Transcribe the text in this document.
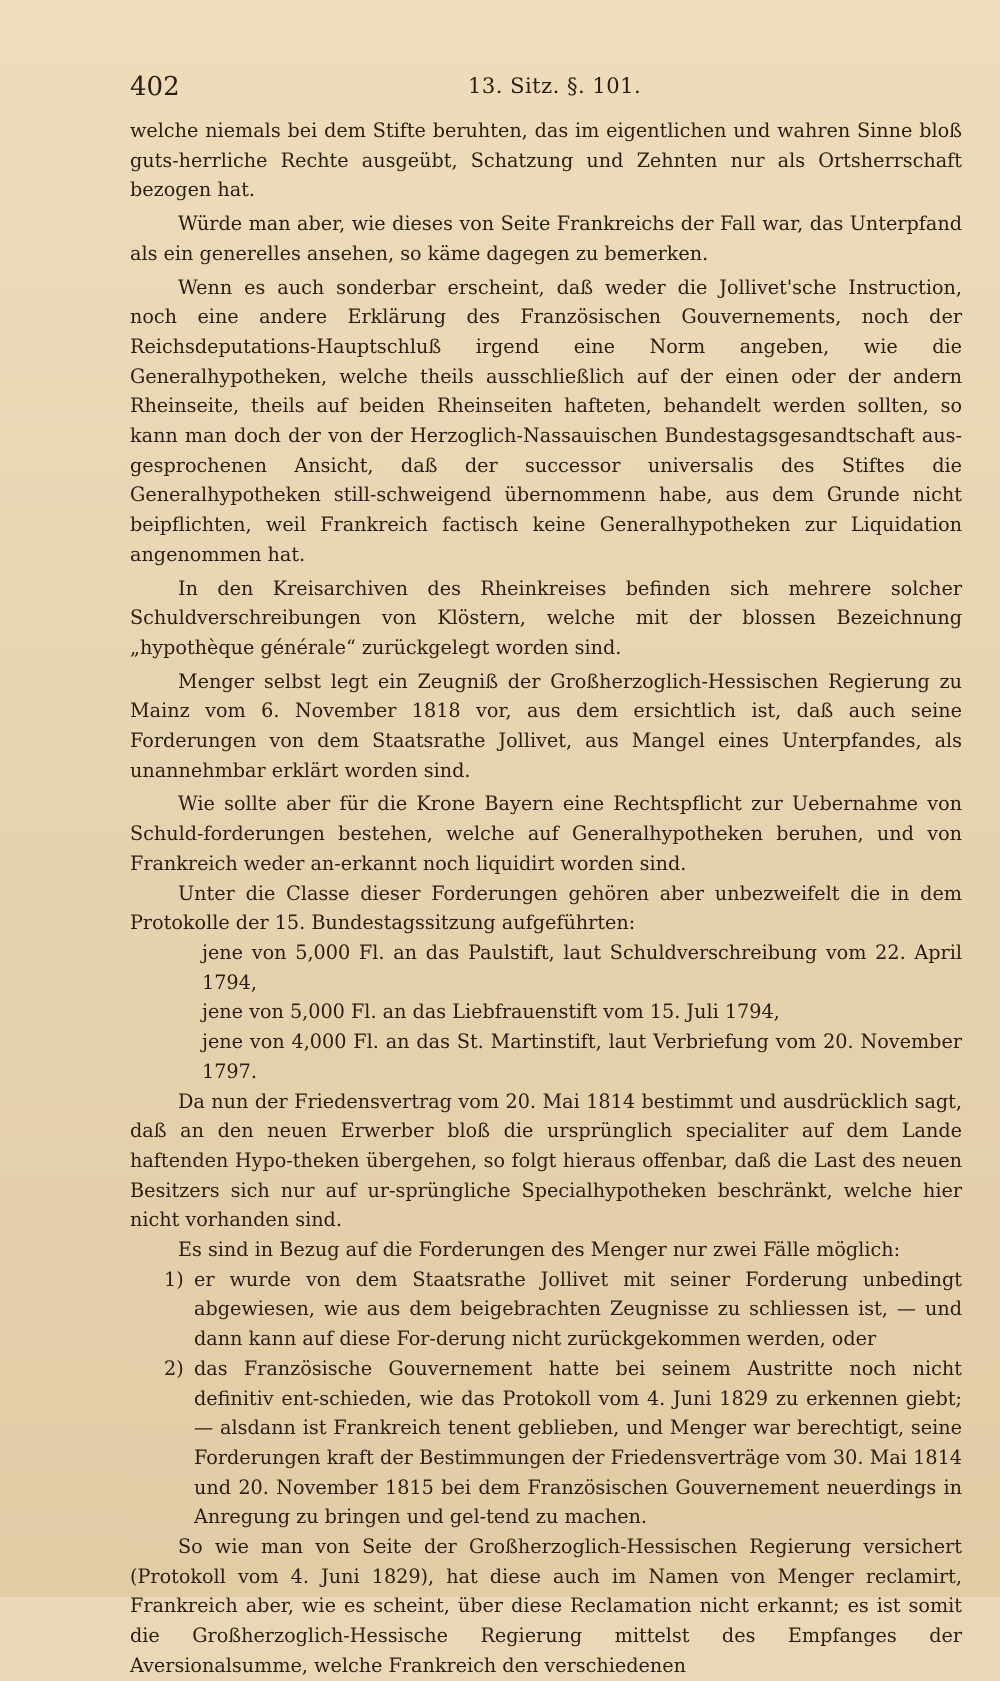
402	13. Sitz. §. 101.

welche niemals bei dem Stifte beruhten, das im eigentlichen und wahren Sinne bloß guts-herrliche Rechte ausgeübt, Schatzung und Zehnten nur als Ortsherrschaft bezogen hat.

Würde man aber, wie dieses von Seite Frankreichs der Fall war, das Unterpfand als ein generelles ansehen, so käme dagegen zu bemerken.

Wenn es auch sonderbar erscheint, daß weder die Jollivet'sche Instruction, noch eine andere Erklärung des Französischen Gouvernements, noch der Reichsdeputations-Hauptschluß irgend eine Norm angeben, wie die Generalhypotheken, welche theils ausschließlich auf der einen oder der andern Rheinseite, theils auf beiden Rheinseiten hafteten, behandelt werden sollten, so kann man doch der von der Herzoglich-Nassauischen Bundestagsgesandtschaft aus-gesprochenen Ansicht, daß der successor universalis des Stiftes die Generalhypotheken still-schweigend übernommenn habe, aus dem Grunde nicht beipflichten, weil Frankreich factisch keine Generalhypotheken zur Liquidation angenommen hat.

In den Kreisarchiven des Rheinkreises befinden sich mehrere solcher Schuldverschreibungen von Klöstern, welche mit der blossen Bezeichnung „hypothèque générale“ zurückgelegt worden sind.

Menger selbst legt ein Zeugniß der Großherzoglich-Hessischen Regierung zu Mainz vom 6. November 1818 vor, aus dem ersichtlich ist, daß auch seine Forderungen von dem Staatsrathe Jollivet, aus Mangel eines Unterpfandes, als unannehmbar erklärt worden sind.

Wie sollte aber für die Krone Bayern eine Rechtspflicht zur Uebernahme von Schuld-forderungen bestehen, welche auf Generalhypotheken beruhen, und von Frankreich weder an-erkannt noch liquidirt worden sind.

Unter die Classe dieser Forderungen gehören aber unbezweifelt die in dem Protokolle der 15. Bundestagssitzung aufgeführten:

jene von 5,000 Fl. an das Paulstift, laut Schuldverschreibung vom 22. April 1794,

jene von 5,000 Fl. an das Liebfrauenstift vom 15. Juli 1794,

jene von 4,000 Fl. an das St. Martinstift, laut Verbriefung vom 20. November 1797.

Da nun der Friedensvertrag vom 20. Mai 1814 bestimmt und ausdrücklich sagt, daß an den neuen Erwerber bloß die ursprünglich specialiter auf dem Lande haftenden Hypo-theken übergehen, so folgt hieraus offenbar, daß die Last des neuen Besitzers sich nur auf ur-sprüngliche Specialhypotheken beschränkt, welche hier nicht vorhanden sind.

Es sind in Bezug auf die Forderungen des Menger nur zwei Fälle möglich:

1) er wurde von dem Staatsrathe Jollivet mit seiner Forderung unbedingt abgewiesen, wie aus dem beigebrachten Zeugnisse zu schliessen ist, — und dann kann auf diese For-derung nicht zurückgekommen werden, oder
2) das Französische Gouvernement hatte bei seinem Austritte noch nicht definitiv ent-schieden, wie das Protokoll vom 4. Juni 1829 zu erkennen giebt; — alsdann ist Frankreich tenent geblieben, und Menger war berechtigt, seine Forderungen kraft der Bestimmungen der Friedensverträge vom 30. Mai 1814 und 20. November 1815 bei dem Französischen Gouvernement neuerdings in Anregung zu bringen und gel-tend zu machen.

So wie man von Seite der Großherzoglich-Hessischen Regierung versichert (Protokoll vom 4. Juni 1829), hat diese auch im Namen von Menger reclamirt, Frankreich aber, wie es scheint, über diese Reclamation nicht erkannt; es ist somit die Großherzoglich-Hessische Regierung mittelst des Empfanges der Aversionalsumme, welche Frankreich den verschiedenen
